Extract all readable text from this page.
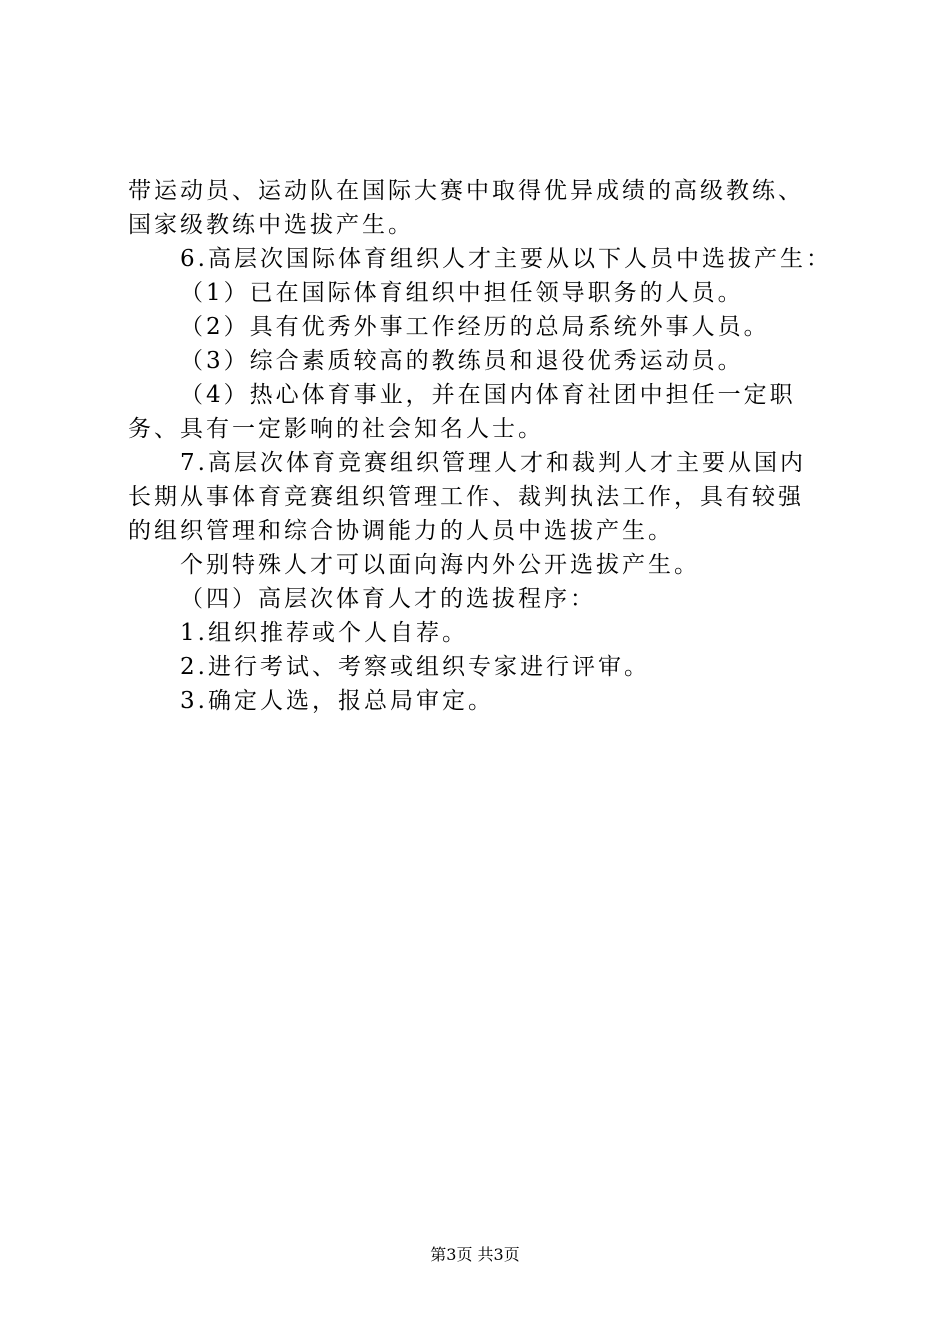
带运动员、运动队在国际大赛中取得优异成绩的高级教练、国家级教练中选拔产生。

6.高层次国际体育组织人才主要从以下人员中选拔产生：

（1）已在国际体育组织中担任领导职务的人员。

（2）具有优秀外事工作经历的总局系统外事人员。

（3）综合素质较高的教练员和退役优秀运动员。

（4）热心体育事业，并在国内体育社团中担任一定职务、具有一定影响的社会知名人士。

7.高层次体育竞赛组织管理人才和裁判人才主要从国内长期从事体育竞赛组织管理工作、裁判执法工作，具有较强的组织管理和综合协调能力的人员中选拔产生。

个别特殊人才可以面向海内外公开选拔产生。

（四）高层次体育人才的选拔程序：

1.组织推荐或个人自荐。

2.进行考试、考察或组织专家进行评审。

3.确定人选，报总局审定。

第3页 共3页
